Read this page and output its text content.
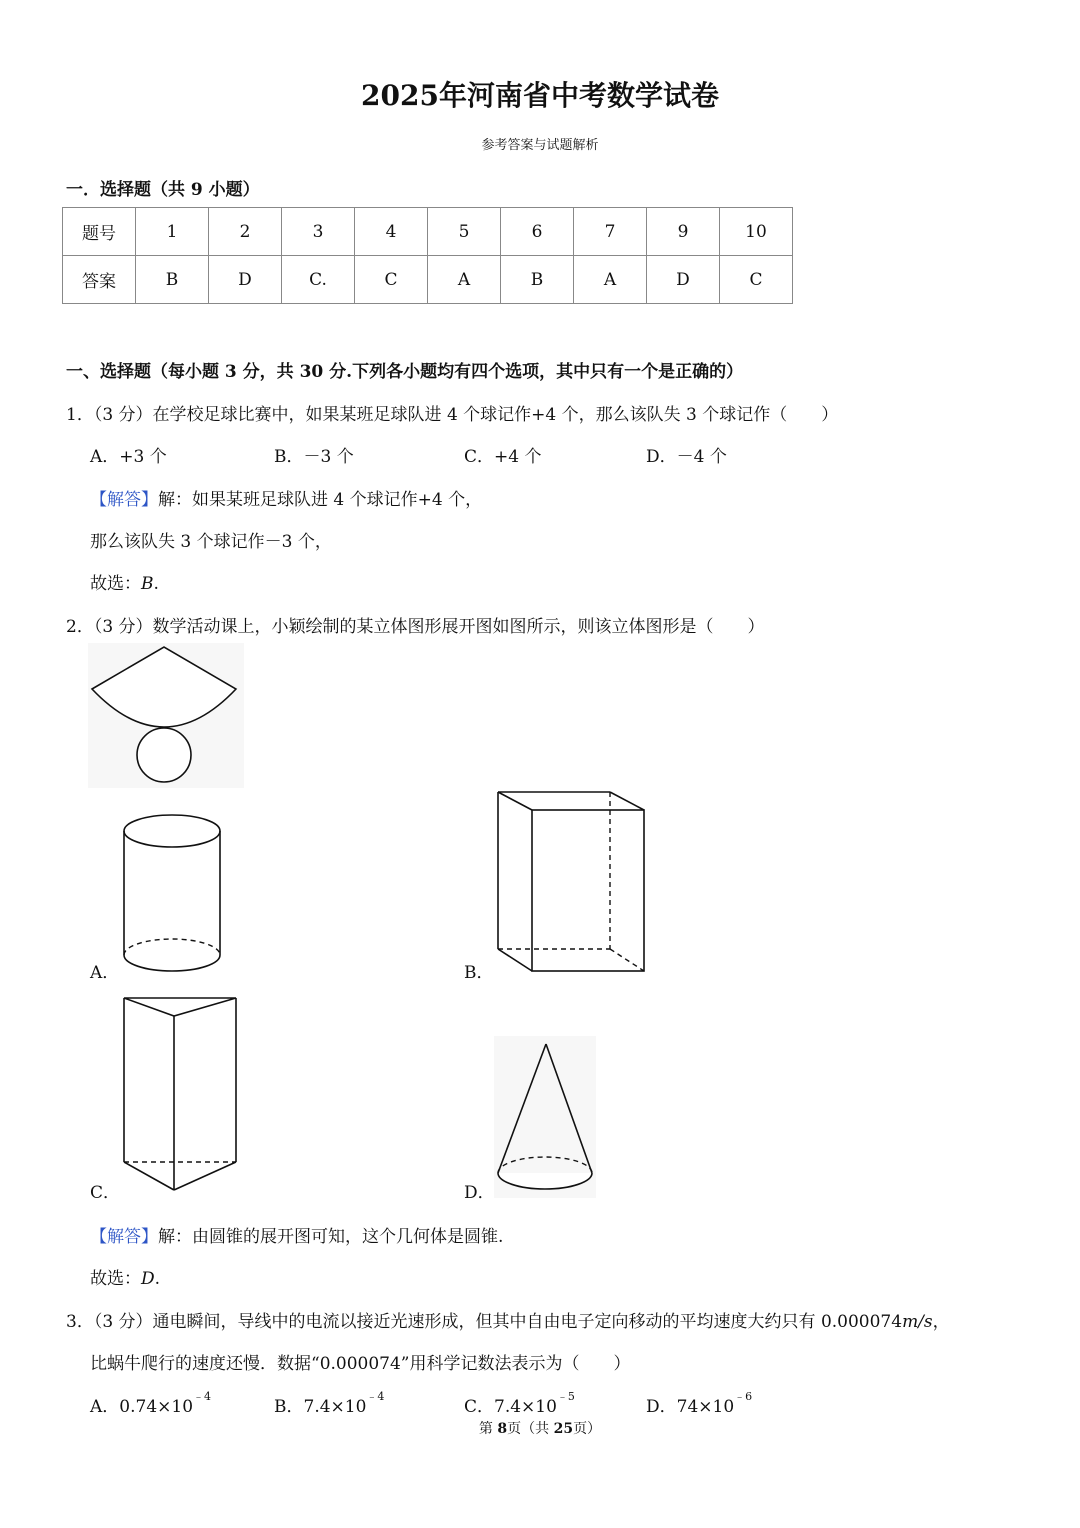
2025年河南省中考数学试卷
参考答案与试题解析
一．选择题（共 9 小题）
题号	1	2	3	4	5	6	7	9	10
答案	B	D	C.	C	A	B	A	D	C
一、选择题（每小题 3 分，共 30 分.下列各小题均有四个选项，其中只有一个是正确的）
1．（3 分）在学校足球比赛中，如果某班足球队进 4 个球记作+4 个，那么该队失 3 个球记作（　　）
A．+3 个	B．－3 个	C．+4 个	D．－4 个
【解答】解：如果某班足球队进 4 个球记作+4 个，
那么该队失 3 个球记作－3 个，
故选：B.
2．（3 分）数学活动课上，小颖绘制的某立体图形展开图如图所示，则该立体图形是（　　）
A．	B．
C．	D．
【解答】解：由圆锥的展开图可知，这个几何体是圆锥.
故选：D.
3．（3 分）通电瞬间，导线中的电流以接近光速形成，但其中自由电子定向移动的平均速度大约只有 0.000074m/s，
比蜗牛爬行的速度还慢．数据“0.000074”用科学记数法表示为（　　）
A．$0.74\times 10^{﹣4}$
B．$7.4\times 10^{﹣4}$
C．$7.4\times 10^{﹣5}$
D．$74\times 10^{﹣6}$
第 8页（共 25页）
